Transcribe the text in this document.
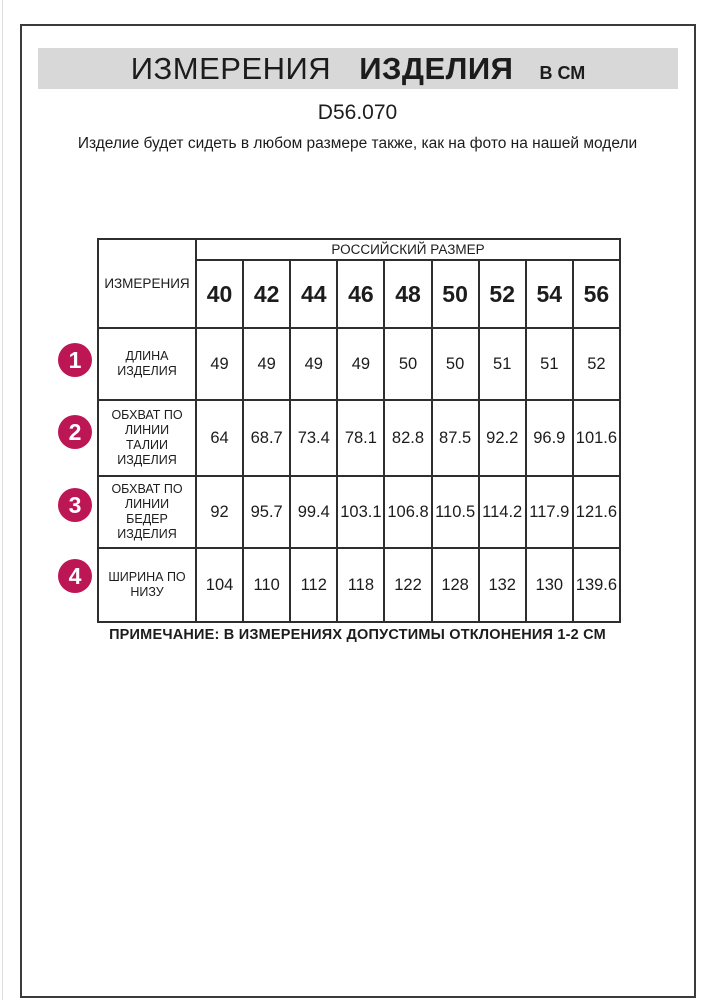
ИЗМЕРЕНИЯ ИЗДЕЛИЯ В СМ
D56.070
Изделие будет сидеть в любом размере также, как на фото на нашей модели
ИЗМЕРЕНИЯ	РОССИЙСКИЙ РАЗМЕР								
	40	42	44	46	48	50	52	54	56
ДЛИНА ИЗДЕЛИЯ	49	49	49	49	50	50	51	51	52
ОБХВАТ ПО ЛИНИИ ТАЛИИ ИЗДЕЛИЯ	64	68.7	73.4	78.1	82.8	87.5	92.2	96.9	101.6
ОБХВАТ ПО ЛИНИИ БЕДЕР ИЗДЕЛИЯ	92	95.7	99.4	103.1	106.8	110.5	114.2	117.9	121.6
ШИРИНА ПО НИЗУ	104	110	112	118	122	128	132	130	139.6
1
2
3
4
ПРИМЕЧАНИЕ: В ИЗМЕРЕНИЯХ ДОПУСТИМЫ ОТКЛОНЕНИЯ 1-2 СМ
